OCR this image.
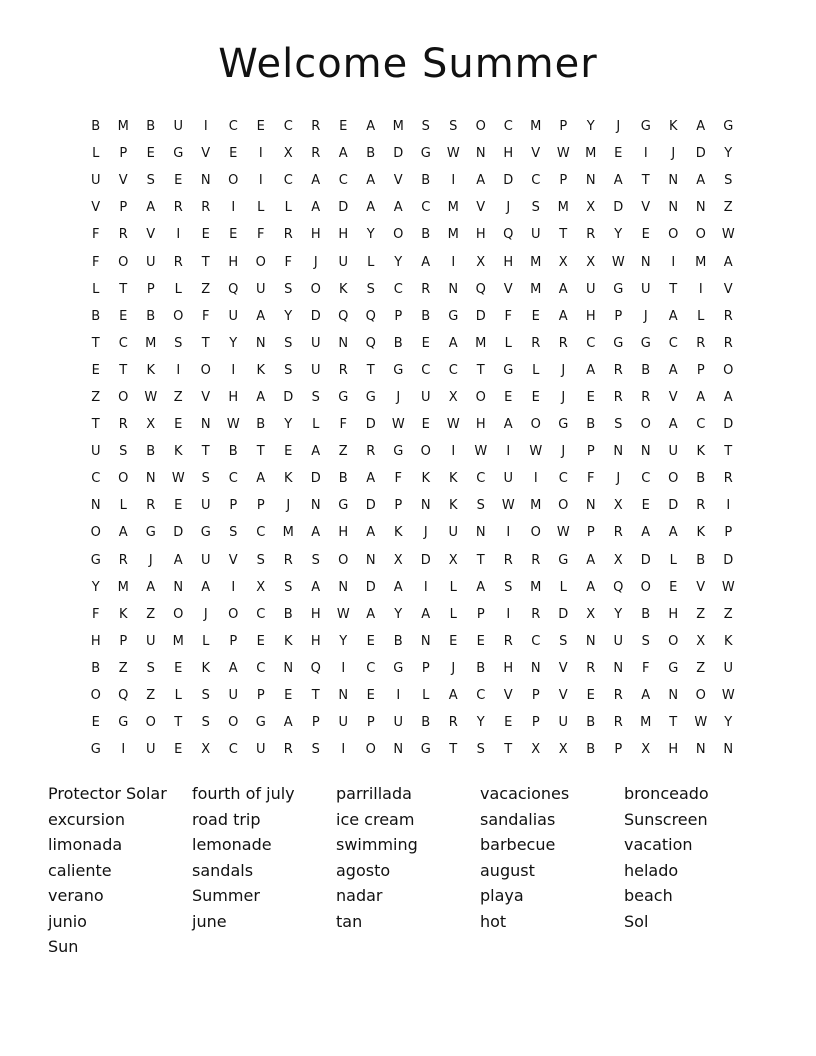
Welcome Summer
B	M	B	U	I	C	E	C	R	E	A	M	S	S	O	C	M	P	Y	J	G	K	A	G
L	P	E	G	V	E	I	X	R	A	B	D	G	W	N	H	V	W	M	E	I	J	D	Y
U	V	S	E	N	O	I	C	A	C	A	V	B	I	A	D	C	P	N	A	T	N	A	S
V	P	A	R	R	I	L	L	A	D	A	A	C	M	V	J	S	M	X	D	V	N	N	Z
F	R	V	I	E	E	F	R	H	H	Y	O	B	M	H	Q	U	T	R	Y	E	O	O	W
F	O	U	R	T	H	O	F	J	U	L	Y	A	I	X	H	M	X	X	W	N	I	M	A
L	T	P	L	Z	Q	U	S	O	K	S	C	R	N	Q	V	M	A	U	G	U	T	I	V
B	E	B	O	F	U	A	Y	D	Q	Q	P	B	G	D	F	E	A	H	P	J	A	L	R
T	C	M	S	T	Y	N	S	U	N	Q	B	E	A	M	L	R	R	C	G	G	C	R	R
E	T	K	I	O	I	K	S	U	R	T	G	C	C	T	G	L	J	A	R	B	A	P	O
Z	O	W	Z	V	H	A	D	S	G	G	J	U	X	O	E	E	J	E	R	R	V	A	A
T	R	X	E	N	W	B	Y	L	F	D	W	E	W	H	A	O	G	B	S	O	A	C	D
U	S	B	K	T	B	T	E	A	Z	R	G	O	I	W	I	W	J	P	N	N	U	K	T
C	O	N	W	S	C	A	K	D	B	A	F	K	K	C	U	I	C	F	J	C	O	B	R
N	L	R	E	U	P	P	J	N	G	D	P	N	K	S	W	M	O	N	X	E	D	R	I
O	A	G	D	G	S	C	M	A	H	A	K	J	U	N	I	O	W	P	R	A	A	K	P
G	R	J	A	U	V	S	R	S	O	N	X	D	X	T	R	R	G	A	X	D	L	B	D
Y	M	A	N	A	I	X	S	A	N	D	A	I	L	A	S	M	L	A	Q	O	E	V	W
F	K	Z	O	J	O	C	B	H	W	A	Y	A	L	P	I	R	D	X	Y	B	H	Z	Z
H	P	U	M	L	P	E	K	H	Y	E	B	N	E	E	R	C	S	N	U	S	O	X	K
B	Z	S	E	K	A	C	N	Q	I	C	G	P	J	B	H	N	V	R	N	F	G	Z	U
O	Q	Z	L	S	U	P	E	T	N	E	I	L	A	C	V	P	V	E	R	A	N	O	W
E	G	O	T	S	O	G	A	P	U	P	U	B	R	Y	E	P	U	B	R	M	T	W	Y
G	I	U	E	X	C	U	R	S	I	O	N	G	T	S	T	X	X	B	P	X	H	N	N
Protector Solar	fourth of july	parrillada	vacaciones	bronceado
excursion	road trip	ice cream	sandalias	Sunscreen
limonada	lemonade	swimming	barbecue	vacation
caliente	sandals	agosto	august	helado
verano	Summer	nadar	playa	beach
junio	june	tan	hot	Sol
Sun
